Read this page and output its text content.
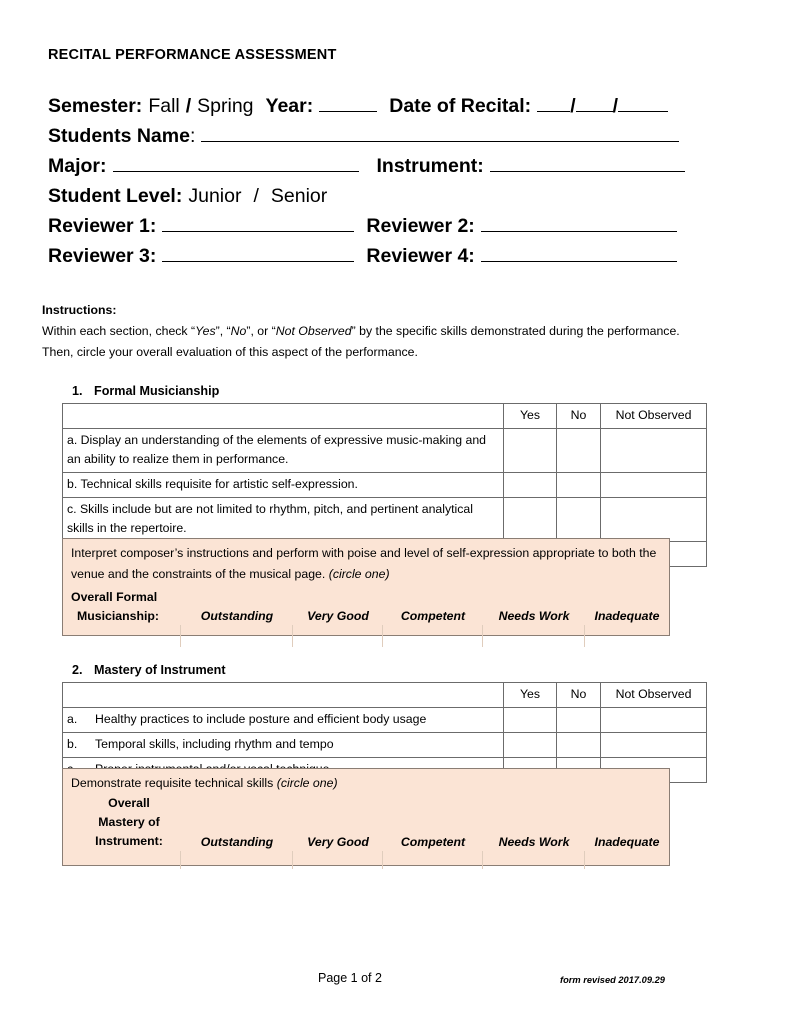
RECITAL PERFORMANCE ASSESSMENT
Semester: Fall / Spring Year:	Date of Recital: / /
Students Name :
Major:	Instrument:
Student Level: Junior / Senior
Reviewer 1:	Reviewer 2:
Reviewer 3:	Reviewer 4:
Instructions:
Within each section, check “Yes”, “No”, or “Not Observed” by the specific skills demonstrated during the performance. Then, circle your overall evaluation of this aspect of the performance.
1. Formal Musicianship
	Yes	No	Not Observed
a. Display an understanding of the elements of expressive music-making and an ability to realize them in performance.			
b. Technical skills requisite for artistic self-expression.			
c. Skills include but are not limited to rhythm, pitch, and pertinent analytical skills in the repertoire.			

Interpret composer’s instructions and perform with poise and level of self-expression appropriate to both the venue and the constraints of the musical page. (circle one)
Overall Formal
Musicianship:	Outstanding	Very Good	Competent	Needs Work	Inadequate
2. Mastery of Instrument
	Yes	No	Not Observed
a. Healthy practices to include posture and efficient body usage			
b. Temporal skills, including rhythm and tempo			

Demonstrate requisite technical skills (circle one)
Overall
Mastery of
Instrument:	Outstanding	Very Good	Competent	Needs Work	Inadequate
Page 1 of 2	form revised 2017.09.29
